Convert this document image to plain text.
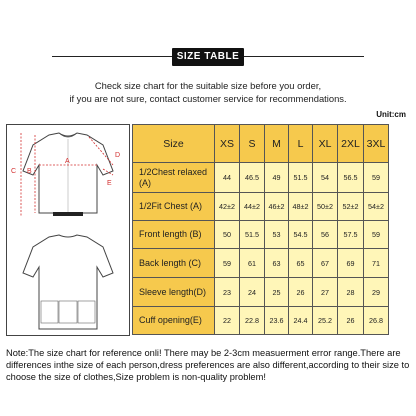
SIZE TABLE
Check size chart for the suitable size before you order,
if you are not sure, contact customer service for recommendations.
Unit:cm
A
B
C
D
E
Size	XS	S	M	L	XL	2XL	3XL
1/2Chest relaxed
(A)	44	46.5	49	51.5	54	56.5	59
1/2Fit Chest (A)	42±2	44±2	46±2	48±2	50±2	52±2	54±2
Front length (B)	50	51.5	53	54.5	56	57.5	59
Back length (C)	59	61	63	65	67	69	71
Sleeve length(D)	23	24	25	26	27	28	29
Cuff opening(E)	22	22.8	23.6	24.4	25.2	26	26.8
Note:The size chart for reference onli! There may be 2-3cm measuerment error range.There are differences inthe size of each person,dress preferences are also different,according to their size to choose the size of clothes,Size problem is non-quality problem!
